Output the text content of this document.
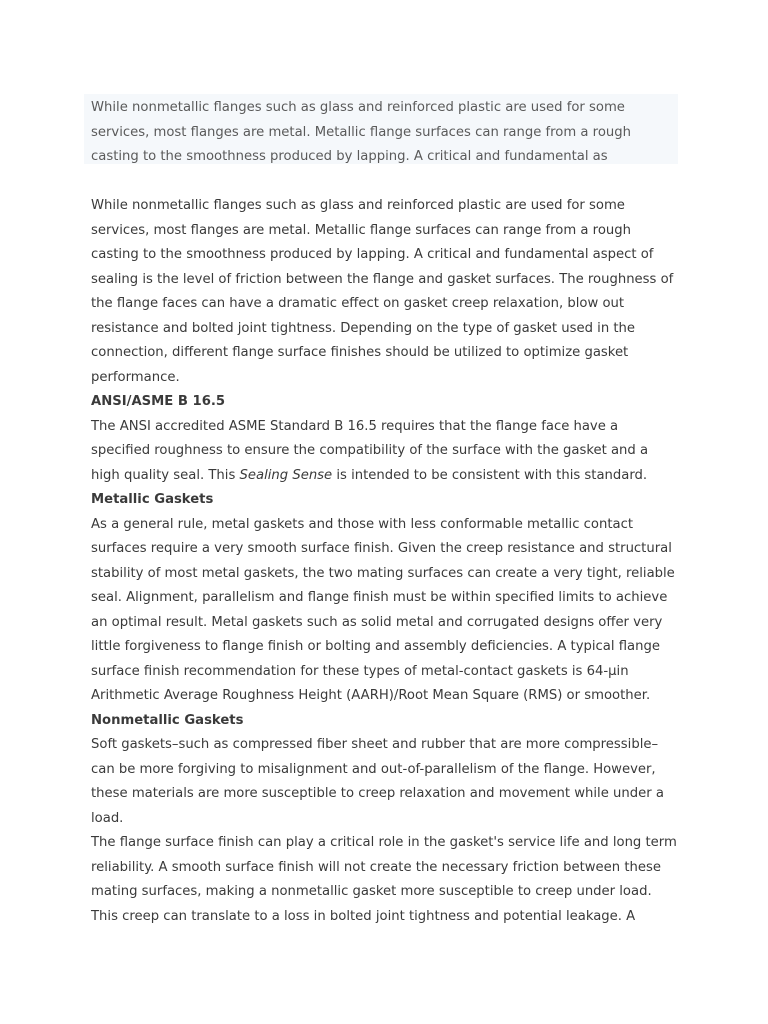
While nonmetallic flanges such as glass and reinforced plastic are used for some
services, most flanges are metal. Metallic flange surfaces can range from a rough
casting to the smoothness produced by lapping. A critical and fundamental as
While nonmetallic flanges such as glass and reinforced plastic are used for some
services, most flanges are metal. Metallic flange surfaces can range from a rough
casting to the smoothness produced by lapping. A critical and fundamental aspect of
sealing is the level of friction between the flange and gasket surfaces. The roughness of
the flange faces can have a dramatic effect on gasket creep relaxation, blow out
resistance and bolted joint tightness. Depending on the type of gasket used in the
connection, different flange surface finishes should be utilized to optimize gasket
performance.
ANSI/ASME B 16.5
The ANSI accredited ASME Standard B 16.5 requires that the flange face have a
specified roughness to ensure the compatibility of the surface with the gasket and a
high quality seal. This Sealing Sense is intended to be consistent with this standard.
Metallic Gaskets
As a general rule, metal gaskets and those with less conformable metallic contact
surfaces require a very smooth surface finish. Given the creep resistance and structural
stability of most metal gaskets, the two mating surfaces can create a very tight, reliable
seal. Alignment, parallelism and flange finish must be within specified limits to achieve
an optimal result. Metal gaskets such as solid metal and corrugated designs offer very
little forgiveness to flange finish or bolting and assembly deficiencies. A typical flange
surface finish recommendation for these types of metal-contact gaskets is 64-µin
Arithmetic Average Roughness Height (AARH)/Root Mean Square (RMS) or smoother.
Nonmetallic Gaskets
Soft gaskets–such as compressed fiber sheet and rubber that are more compressible–
can be more forgiving to misalignment and out-of-parallelism of the flange. However,
these materials are more susceptible to creep relaxation and movement while under a
load.
The flange surface finish can play a critical role in the gasket's service life and long term
reliability. A smooth surface finish will not create the necessary friction between these
mating surfaces, making a nonmetallic gasket more susceptible to creep under load.
This creep can translate to a loss in bolted joint tightness and potential leakage. A
